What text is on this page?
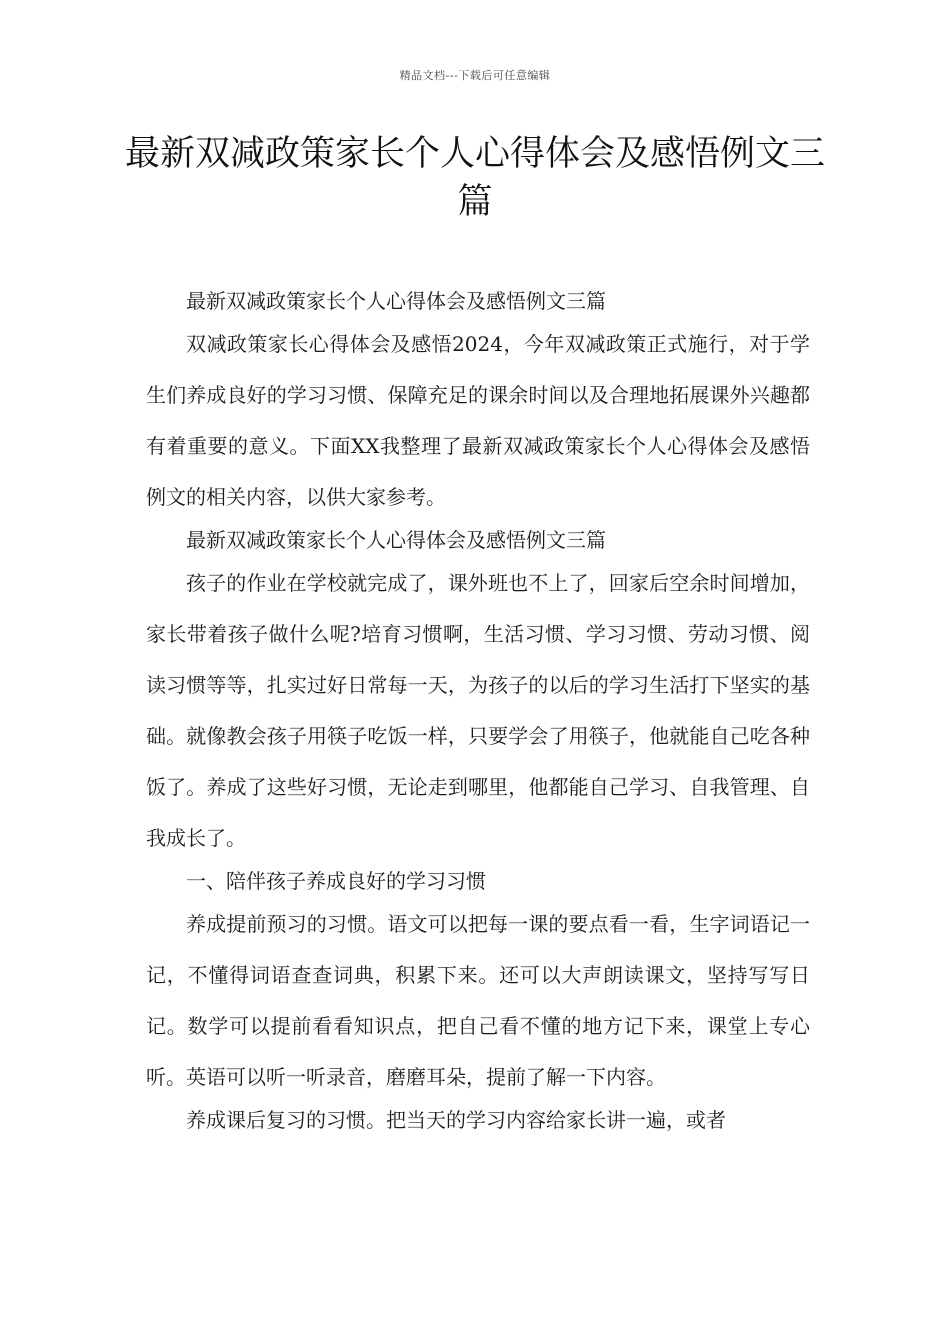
精品文档---下载后可任意编辑
最新双减政策家长个人心得体会及感悟例文三篇

最新双减政策家长个人心得体会及感悟例文三篇

双减政策家长心得体会及感悟2024，今年双减政策正式施行，对于学生们养成良好的学习习惯、保障充足的课余时间以及合理地拓展课外兴趣都有着重要的意义。下面XX我整理了最新双减政策家长个人心得体会及感悟例文的相关内容，以供大家参考。

最新双减政策家长个人心得体会及感悟例文三篇

孩子的作业在学校就完成了，课外班也不上了，回家后空余时间增加，家长带着孩子做什么呢?培育习惯啊，生活习惯、学习习惯、劳动习惯、阅读习惯等等，扎实过好日常每一天，为孩子的以后的学习生活打下坚实的基础。就像教会孩子用筷子吃饭一样，只要学会了用筷子，他就能自己吃各种饭了。养成了这些好习惯，无论走到哪里，他都能自己学习、自我管理、自我成长了。

一、陪伴孩子养成良好的学习习惯

养成提前预习的习惯。语文可以把每一课的要点看一看，生字词语记一记，不懂得词语查查词典，积累下来。还可以大声朗读课文，坚持写写日记。数学可以提前看看知识点，把自己看不懂的地方记下来，课堂上专心听。英语可以听一听录音，磨磨耳朵，提前了解一下内容。

养成课后复习的习惯。把当天的学习内容给家长讲一遍，或者
